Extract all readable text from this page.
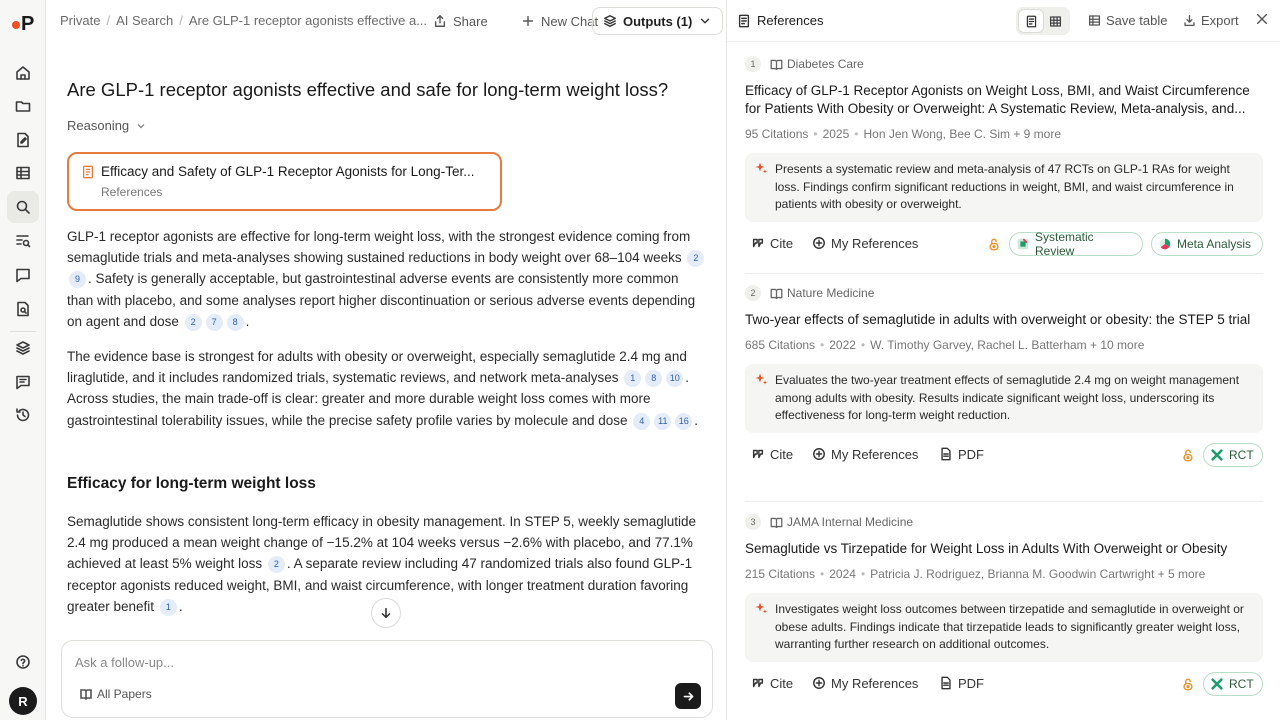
P
R
Private / AI Search / Are GLP-1 receptor agonists effective a... Share	New Chat Outputs (1)
Are GLP-1 receptor agonists effective and safe for long-term weight loss?
Reasoning
Efficacy and Safety of GLP-1 Receptor Agonists for Long-Ter...
References
GLP-1 receptor agonists are effective for long-term weight loss, with the strongest evidence coming from semaglutide trials and meta-analyses showing sustained reductions in body weight over 68–104 weeks 29 . Safety is generally acceptable, but gastrointestinal adverse events are consistently more common than with placebo, and some analyses report higher discontinuation or serious adverse events depending on agent and dose 2 7 8 .
The evidence base is strongest for adults with obesity or overweight, especially semaglutide 2.4 mg and liraglutide, and it includes randomized trials, systematic reviews, and network meta-analyses 1 8 10 . Across studies, the main trade-off is clear: greater and more durable weight loss comes with more gastrointestinal tolerability issues, while the precise safety profile varies by molecule and dose 4 11 16 .
Efficacy for long-term weight loss
Semaglutide shows consistent long-term efficacy in obesity management. In STEP 5, weekly semaglutide 2.4 mg produced a mean weight change of −15.2% at 104 weeks versus −2.6% with placebo, and 77.1% achieved at least 5% weight loss 2 . A separate review including 47 randomized trials also found GLP-1 receptor agonists reduced weight, BMI, and waist circumference, with longer treatment duration favoring greater benefit 1 .
Ask a follow-up...
All Papers
References	Save table	Export
1	Diabetes Care
Efficacy of GLP-1 Receptor Agonists on Weight Loss, BMI, and Waist Circumference for Patients With Obesity or Overweight: A Systematic Review, Meta-analysis, and...
95 Citations • 2025 • Hon Jen Wong, Bee C. Sim + 9 more
Presents a systematic review and meta-analysis of 47 RCTs on GLP-1 RAs for weight loss. Findings confirm significant reductions in weight, BMI, and waist circumference in patients with obesity or overweight.
Cite	My References	Systematic Review	Meta Analysis
2	Nature Medicine
Two-year effects of semaglutide in adults with overweight or obesity: the STEP 5 trial
685 Citations • 2022 • W. Timothy Garvey, Rachel L. Batterham + 10 more
Evaluates the two-year treatment effects of semaglutide 2.4 mg on weight management among adults with obesity. Results indicate significant weight loss, underscoring its effectiveness for long-term weight reduction.
Cite	My References	PDF	RCT
3	JAMA Internal Medicine
Semaglutide vs Tirzepatide for Weight Loss in Adults With Overweight or Obesity
215 Citations • 2024 • Patricia J. Rodriguez, Brianna M. Goodwin Cartwright + 5 more
Investigates weight loss outcomes between tirzepatide and semaglutide in overweight or obese adults. Findings indicate that tirzepatide leads to significantly greater weight loss, warranting further research on additional outcomes.
Cite	My References	PDF	RCT
